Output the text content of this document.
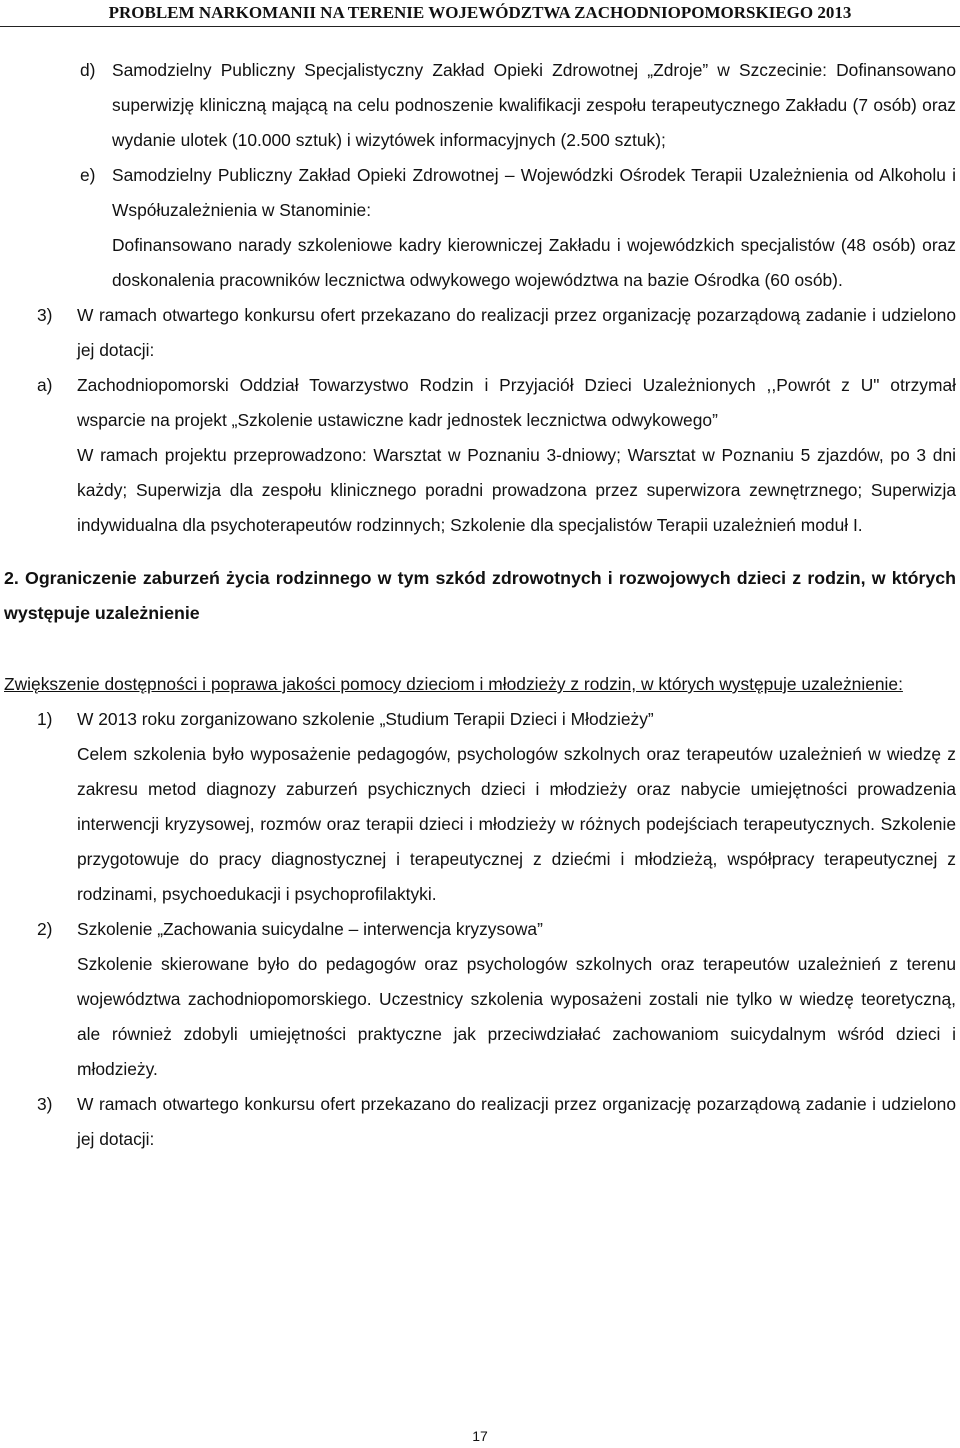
PROBLEM NARKOMANII NA TERENIE WOJEWÓDZTWA ZACHODNIOPOMORSKIEGO 2013
d) Samodzielny Publiczny Specjalistyczny Zakład Opieki Zdrowotnej „Zdroje” w Szczecinie: Dofinansowano superwizję kliniczną mającą na celu podnoszenie kwalifikacji zespołu terapeutycznego Zakładu (7 osób) oraz wydanie ulotek (10.000 sztuk) i wizytówek informacyjnych (2.500 sztuk);
e) Samodzielny Publiczny Zakład Opieki Zdrowotnej ‒ Wojewódzki Ośrodek Terapii Uzależnienia od Alkoholu i Współuzależnienia w Stanominie:
Dofinansowano narady szkoleniowe kadry kierowniczej Zakładu i wojewódzkich specjalistów (48 osób) oraz doskonalenia pracowników lecznictwa odwykowego województwa na bazie Ośrodka (60 osób).
3) W ramach otwartego konkursu ofert przekazano do realizacji przez organizację pozarządową zadanie i udzielono jej dotacji:
a) Zachodniopomorski Oddział Towarzystwo Rodzin i Przyjaciół Dzieci Uzależnionych ,,Powrót z U" otrzymał wsparcie na projekt „Szkolenie ustawiczne kadr jednostek lecznictwa odwykowego”
W ramach projektu przeprowadzono: Warsztat w Poznaniu 3-dniowy; Warsztat w Poznaniu 5 zjazdów, po 3 dni każdy; Superwizja dla zespołu klinicznego poradni prowadzona przez superwizora zewnętrznego; Superwizja indywidualna dla psychoterapeutów rodzinnych; Szkolenie dla specjalistów Terapii uzależnień moduł I.
2. Ograniczenie zaburzeń życia rodzinnego w tym szkód zdrowotnych i rozwojowych dzieci z rodzin, w których występuje uzależnienie
Zwiększenie dostępności i poprawa jakości pomocy dzieciom i młodzieży z rodzin, w których występuje uzależnienie:
1) W 2013 roku zorganizowano szkolenie „Studium Terapii Dzieci i Młodzieży”
Celem szkolenia było wyposażenie pedagogów, psychologów szkolnych oraz terapeutów uzależnień w wiedzę z zakresu metod diagnozy zaburzeń psychicznych dzieci i młodzieży oraz nabycie umiejętności prowadzenia interwencji kryzysowej, rozmów oraz terapii dzieci i młodzieży w różnych podejściach terapeutycznych. Szkolenie przygotowuje do pracy diagnostycznej i terapeutycznej z dziećmi i młodzieżą, współpracy terapeutycznej z rodzinami, psychoedukacji i psychoprofilaktyki.
2) Szkolenie „Zachowania suicydalne ‒ interwencja kryzysowa”
Szkolenie skierowane było do pedagogów oraz psychologów szkolnych oraz terapeutów uzależnień z terenu województwa zachodniopomorskiego. Uczestnicy szkolenia wyposażeni zostali nie tylko w wiedzę teoretyczną, ale również zdobyli umiejętności praktyczne jak przeciwdziałać zachowaniom suicydalnym wśród dzieci i młodzieży.
3) W ramach otwartego konkursu ofert przekazano do realizacji przez organizację pozarządową zadanie i udzielono jej dotacji:
17
